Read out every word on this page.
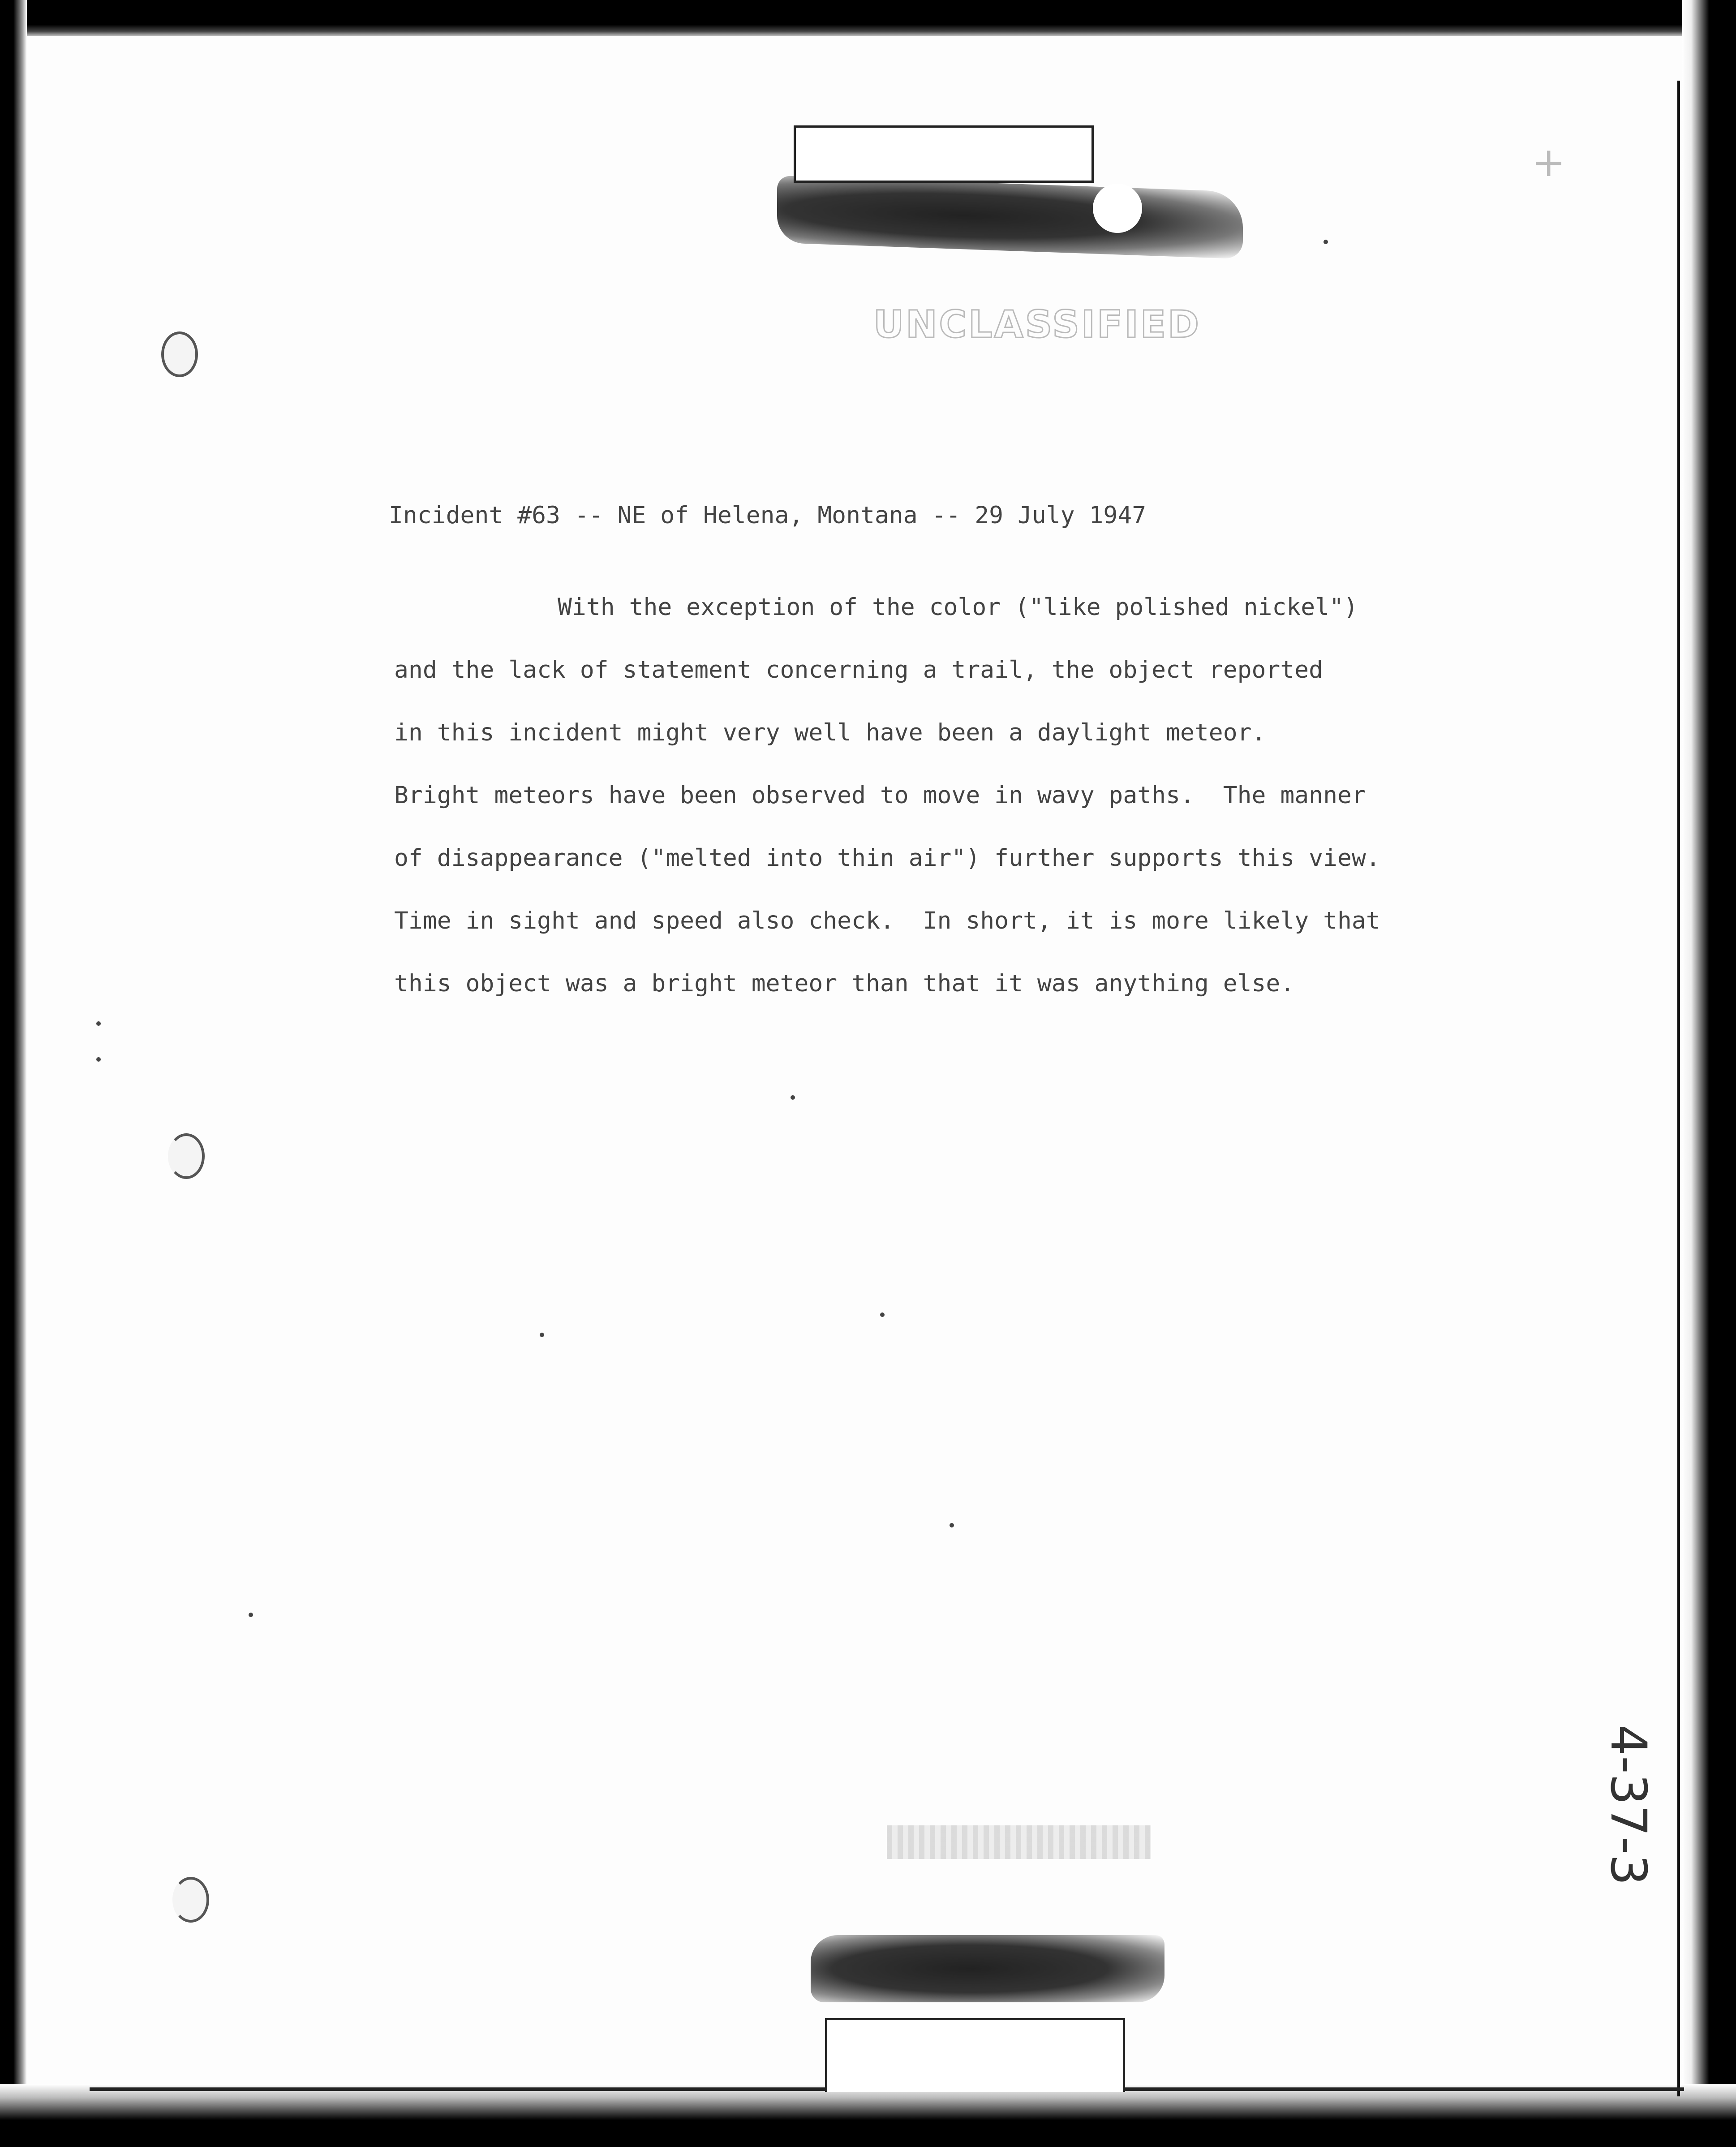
UNCLASSIFIED
+
Incident #63 -- NE of Helena, Montana -- 29 July 1947
With the exception of the color ("like polished nickel")
and the lack of statement concerning a trail, the object reported
in this incident might very well have been a daylight meteor.
Bright meteors have been observed to move in wavy paths.  The manner
of disappearance ("melted into thin air") further supports this view.
Time in sight and speed also check.  In short, it is more likely that
this object was a bright meteor than that it was anything else.
4-37-3
